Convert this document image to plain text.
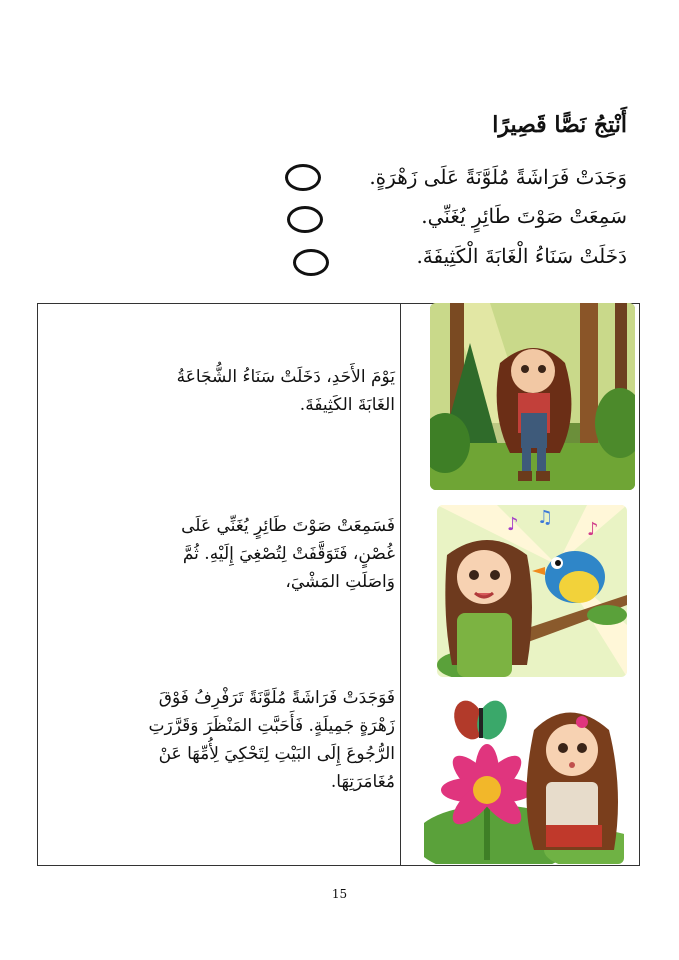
أَنْتِجُ نَصًّا قَصِيرًا
وَجَدَتْ فَرَاشَةً مُلَوَّنَةً عَلَى زَهْرَةٍ.
سَمِعَتْ صَوْتَ طَائِرٍ يُغَنِّي.
دَخَلَتْ سَنَاءُ الْغَابَةَ الْكَثِيفَةَ.
يَوْمَ الأَحَدِ، دَخَلَتْ سَنَاءُ الشُّجَاعَةُ الغَابَةَ الكَثِيفَةَ.
فَسَمِعَتْ صَوْتَ طَائِرٍ يُغَنِّي عَلَى غُصْنٍ، فَتَوَقَّفَتْ لِتُصْغِيَ إِلَيْهِ. ثُمَّ وَاصَلَتِ المَشْيَ،
فَوَجَدَتْ فَرَاشَةً مُلَوَّنَةً تَرَفْرِفُ فَوْقَ زَهْرَةٍ جَمِيلَةٍ. فَأَحَبَّتِ المَنْظَرَ وَقَرَّرَتِ الرُّجُوعَ إِلَى البَيْتِ لِتَحْكِيَ لِأُمِّهَا عَنْ مُغَامَرَتِهَا.
♪ ♫
♪
15
